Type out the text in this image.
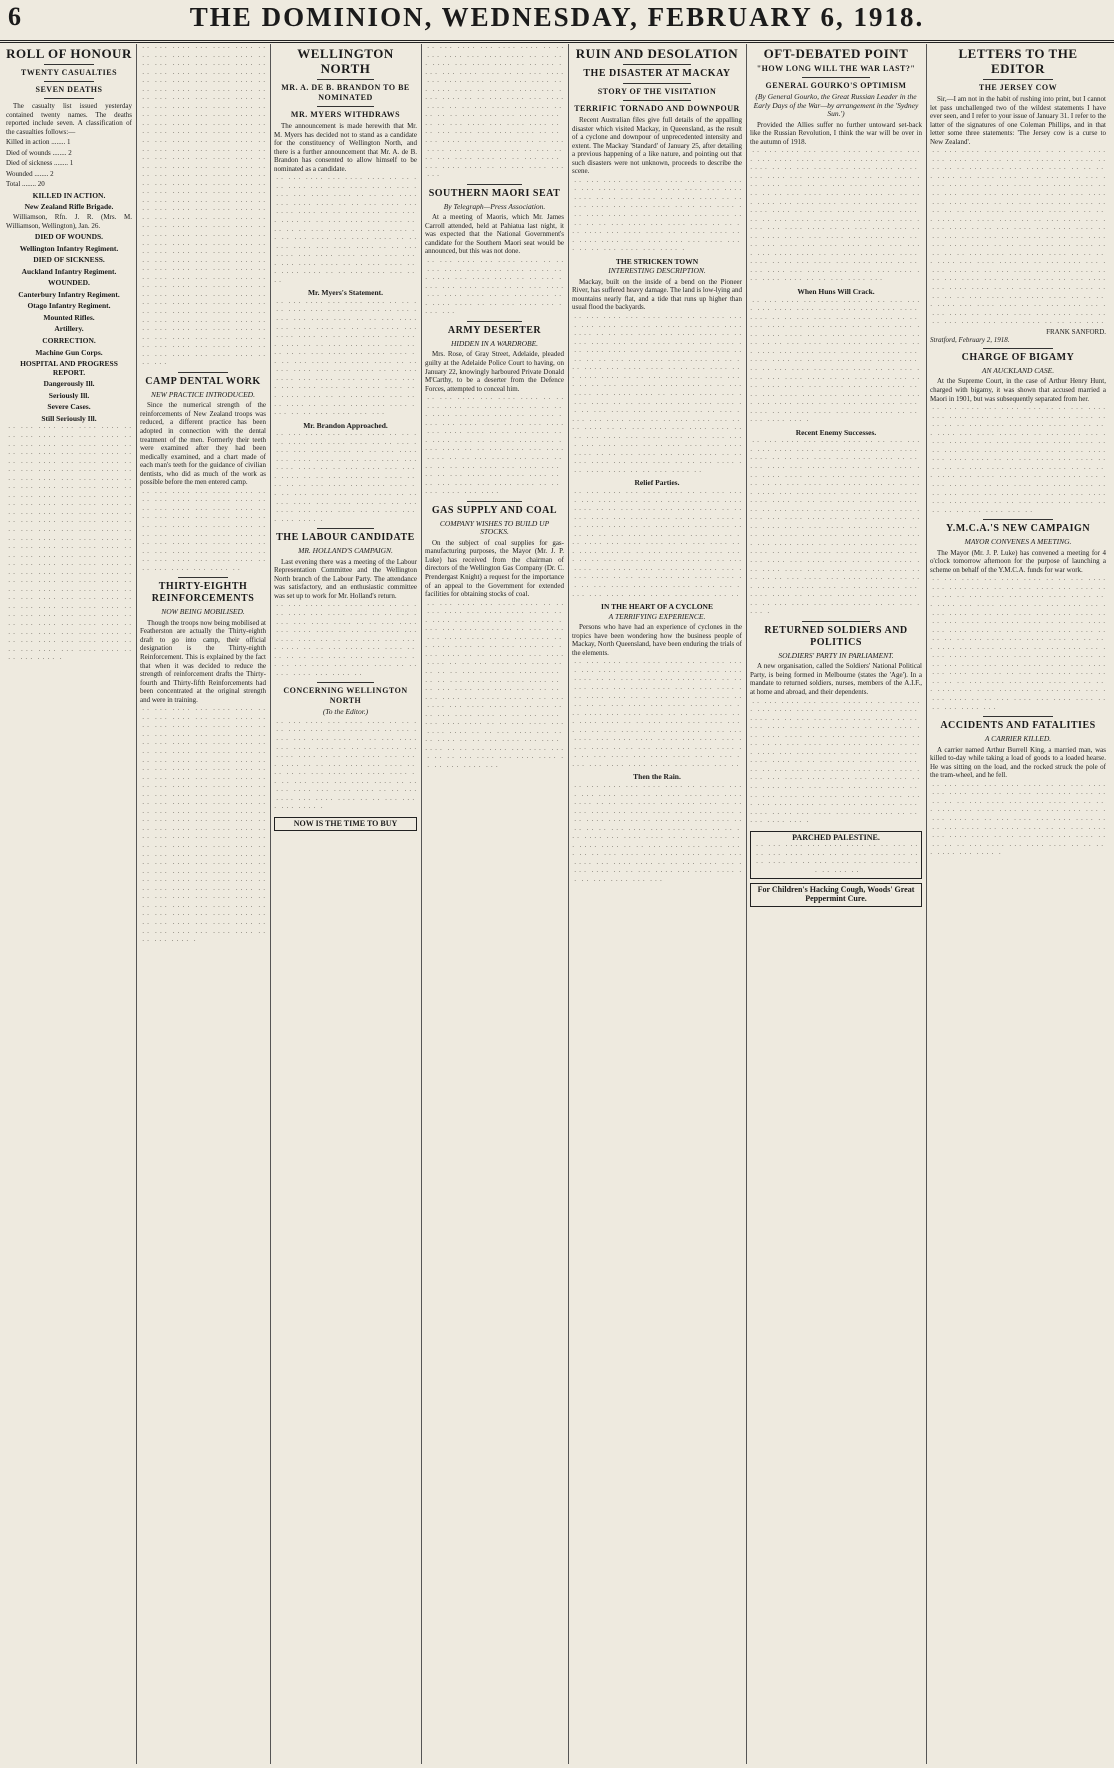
6	THE DOMINION, WEDNESDAY, FEBRUARY 6, 1918.
ROLL OF HONOUR
TWENTY CASUALTIES
SEVEN DEATHS

The casualty list issued yesterday contained twenty names. The deaths reported include seven. A classification of the casualties follows:—

Killed in action ........ 1

Died of wounds ........ 2

Died of sickness ........ 1

Wounded ........ 2

Total ........ 20

KILLED IN ACTION.
New Zealand Rifle Brigade.

Williamson, Rfn. J. R. (Mrs. M. Williamson, Wellington), Jan. 26.

DIED OF WOUNDS.
Wellington Infantry Regiment.
DIED OF SICKNESS.
Auckland Infantry Regiment.
WOUNDED.
Canterbury Infantry Regiment.
Otago Infantry Regiment.
Mounted Rifles.
Artillery.
CORRECTION.
Machine Gun Corps.
HOSPITAL AND PROGRESS REPORT.
Dangerously Ill.
Seriously Ill.
Severe Cases.
Still Seriously Ill.
 · ·  · · ·  · · · ·  · · ·  · · · ·  · · · ·  · ·  · ·  · · ·  · · · ·  · · ·  · · · ·  · · · ·  · ·  · ·  · · ·  · · · ·  · · ·  · · · ·  · · · ·  · ·  · ·  · · ·  · · · ·  · · ·  · · · ·  · · · ·  · ·  · ·  · · ·  · · · ·  · · ·  · · · ·  · · · ·  · ·  · ·  · · ·  · · · ·  · · ·  · · · ·  · · · ·  · ·  · ·  · · ·  · · · ·  · · ·  · · · ·  · · · ·  · ·  · ·  · · ·  · · · ·  · · ·  · · · ·  · · · ·  · ·  · ·  · · ·  · · · ·  · · ·  · · · ·  · · · ·  · ·  · ·  · · ·  · · · ·  · · ·  · · · ·  · · · ·  · ·  · ·  · · ·  · · · ·  · · ·  · · · ·  · · · ·  · ·  · ·  · · ·  · · · ·  · · ·  · · · ·  · · · ·  · ·  · ·  · · ·  · · · ·  · · ·  · · · ·  · · · ·  · ·  · ·  · · ·  · · · ·  · · ·  · · · ·  · · · ·  · ·  · ·  · · ·  · · · ·  · · ·  · · · ·  · · · ·  · ·  · ·  · · ·  · · · ·  · · ·  · · · ·  · · · ·  · ·  · ·  · · ·  · · · ·  · · ·  · · · ·  · · · ·  · ·  · ·  · · ·  · · · ·  · · ·  · · · ·  · · · ·  · ·  · ·  · · ·  · · · ·  · · ·  · · · ·  · · · ·  · ·  · ·  · · ·  · · · ·  · · ·  · · · ·  · · · ·  · ·  · ·  · · ·  · · · ·  · · ·  · · · ·  · · · ·  · ·  · ·  · · ·  · · · ·  · · ·  · · · ·  · · · ·  · ·  · ·  · · ·  · · · ·  · · ·  · · · ·  · · · ·  · ·  · ·  · · ·  · · · ·  · · ·  · · · ·  · · · ·  · ·  · ·  · · ·  · · · ·  · · ·  · · · ·  · · · ·  · ·  · ·  · · ·  · · · ·  · · ·  · · · ·  · · · ·  · ·  · ·  · · ·  · · · ·  · · ·  · · · ·  · · · ·  · ·  · ·  · · ·  · · · ·  ·
 · ·  · · ·  · · · ·  · · ·  · · · ·  · · · ·  · ·  · ·  · · ·  · · · ·  · · ·  · · · ·  · · · ·  · ·  · ·  · · ·  · · · ·  · · ·  · · · ·  · · · ·  · ·  · ·  · · ·  · · · ·  · · ·  · · · ·  · · · ·  · ·  · ·  · · ·  · · · ·  · · ·  · · · ·  · · · ·  · ·  · ·  · · ·  · · · ·  · · ·  · · · ·  · · · ·  · ·  · ·  · · ·  · · · ·  · · ·  · · · ·  · · · ·  · ·  · ·  · · ·  · · · ·  · · ·  · · · ·  · · · ·  · ·  · ·  · · ·  · · · ·  · · ·  · · · ·  · · · ·  · ·  · ·  · · ·  · · · ·  · · ·  · · · ·  · · · ·  · ·  · ·  · · ·  · · · ·  · · ·  · · · ·  · · · ·  · ·  · ·  · · ·  · · · ·  · · ·  · · · ·  · · · ·  · ·  · ·  · · ·  · · · ·  · · ·  · · · ·  · · · ·  · ·  · ·  · · ·  · · · ·  · · ·  · · · ·  · · · ·  · ·  · ·  · · ·  · · · ·  · · ·  · · · ·  · · · ·  · ·  · ·  · · ·  · · · ·  · · ·  · · · ·  · · · ·  · ·  · ·  · · ·  · · · ·  · · ·  · · · ·  · · · ·  · ·  · ·  · · ·  · · · ·  · · ·  · · · ·  · · · ·  · ·  · ·  · · ·  · · · ·  · · ·  · · · ·  · · · ·  · ·  · ·  · · ·  · · · ·  · · ·  · · · ·  · · · ·  · ·  · ·  · · ·  · · · ·  · · ·  · · · ·  · · · ·  · ·  · ·  · · ·  · · · ·  · · ·  · · · ·  · · · ·  · ·  · ·  · · ·  · · · ·  · · ·  · · · ·  · · · ·  · ·  · ·  · · ·  · · · ·  · · ·  · · · ·  · · · ·  · ·  · ·  · · ·  · · · ·  · · ·  · · · ·  · · · ·  · ·  · ·  · · ·  · · · ·  · · ·  · · · ·  · · · ·  · ·  · ·  · · ·  · · · ·  · · ·  · · · ·  · · · ·  · ·  · ·  · · ·  · · · ·  · · ·  · · · ·  · · · ·  · ·  · ·  · · ·  · · · ·  · · ·  · · · ·  · · · ·  · ·  · ·  · · ·  · · · ·  · · ·  · · · ·  · · · ·  · ·  · ·  · · ·  · · · ·  · · ·  · · · ·  · · · ·  · ·  · ·  · · ·  · · · ·  · · ·  · · · ·  · · · ·  · ·  · ·  · · ·  · · · ·  · · ·  · · · ·  · · · ·  · ·  · ·  · · ·  · · · ·  · · ·  · · · ·  · · · ·  · ·  · ·  · · ·  · · · ·  · · ·  · · · ·  · · · ·  · ·  · ·  · · ·  · · · ·  · · ·  · · · ·  · · · ·  · ·  · ·  · · ·  · · · ·  · · ·  · · · ·  · · · ·  · ·  · ·  · · ·  
CAMP DENTAL WORK
NEW PRACTICE INTRODUCED.

Since the numerical strength of the reinforcements of New Zealand troops was reduced, a different practice has been adopted in connection with the dental treatment of the men. Formerly their teeth were examined after they had been medically examined, and a chart made of each man's teeth for the guidance of civilian dentists, who did as much of the work as possible before the men entered camp.

 · ·  · · ·  · · · ·  · · ·  · · · ·  · · · ·  · ·  · ·  · · ·  · · · ·  · · ·  · · · ·  · · · ·  · ·  · ·  · · ·  · · · ·  · · ·  · · · ·  · · · ·  · ·  · ·  · · ·  · · · ·  · · ·  · · · ·  · · · ·  · ·  · ·  · · ·  · · · ·  · · ·  · · · ·  · · · ·  · ·  · ·  · · ·  · · · ·  · · ·  · · · ·  · · · ·  · ·  · ·  · · ·  · · · ·  · · ·  · · · ·  · · · ·  · ·  · ·  · · ·  · · · ·  · · ·  · · · ·  · · · ·  · ·  · ·  · · ·  · · · ·  · · ·  · · · ·  · · · ·  · ·  · ·  · · ·  · · · ·  · · ·  · · · ·  · ·
THIRTY-EIGHTH REINFORCEMENTS
NOW BEING MOBILISED.

Though the troops now being mobilised at Featherston are actually the Thirty-eighth draft to go into camp, their official designation is the Thirty-eighth Reinforcement. This is explained by the fact that when it was decided to reduce the strength of reinforcement drafts the Thirty-fourth and Thirty-fifth Reinforcements had been concentrated at the original strength and were in training.

 · ·  · · ·  · · · ·  · · ·  · · · ·  · · · ·  · ·  · ·  · · ·  · · · ·  · · ·  · · · ·  · · · ·  · ·  · ·  · · ·  · · · ·  · · ·  · · · ·  · · · ·  · ·  · ·  · · ·  · · · ·  · · ·  · · · ·  · · · ·  · ·  · ·  · · ·  · · · ·  · · ·  · · · ·  · · · ·  · ·  · ·  · · ·  · · · ·  · · ·  · · · ·  · · · ·  · ·  · ·  · · ·  · · · ·  · · ·  · · · ·  · · · ·  · ·  · ·  · · ·  · · · ·  · · ·  · · · ·  · · · ·  · ·  · ·  · · ·  · · · ·  · · ·  · · · ·  · · · ·  · ·  · ·  · · ·  · · · ·  · · ·  · · · ·  · · · ·  · ·  · ·  · · ·  · · · ·  · · ·  · · · ·  · · · ·  · ·  · ·  · · ·  · · · ·  · · ·  · · · ·  · · · ·  · ·  · ·  · · ·  · · · ·  · · ·  · · · ·  · · · ·  · ·  · ·  · · ·  · · · ·  · · ·  · · · ·  · · · ·  · ·  · ·  · · ·  · · · ·  · · ·  · · · ·  · · · ·  · ·  · ·  · · ·  · · · ·  · · ·  · · · ·  · · · ·  · ·  · ·  · · ·  · · · ·  · · ·  · · · ·  · · · ·  · ·  · ·  · · ·  · · · ·  · · ·  · · · ·  · · · ·  · ·  · ·  · · ·  · · · ·  · · ·  · · · ·  · · · ·  · ·  · ·  · · ·  · · · ·  · · ·  · · · ·  · · · ·  · ·  · ·  · · ·  · · · ·  · · ·  · · · ·  · · · ·  · ·  · ·  · · ·  · · · ·  · · ·  · · · ·  · · · ·  · ·  · ·  · · ·  · · · ·  · · ·  · · · ·  · · · ·  · ·  · ·  · · ·  · · · ·  · · ·  · · · ·  · · · ·  · ·  · ·  · · ·  · · · ·  · · ·  · · · ·  · · · ·  · ·  · ·  · · ·  · · · ·  · · ·  · · · ·  · · · ·  · ·  · ·  · · ·  · · · ·  · · ·  · · · ·  · · · ·  · ·  · ·  · · ·  · · · ·  ·
WELLINGTON NORTH
MR. A. DE B. BRANDON TO BE NOMINATED
MR. MYERS WITHDRAWS

The announcement is made herewith that Mr. M. Myers has decided not to stand as a candidate for the constituency of Wellington North, and there is a further announcement that Mr. A. de B. Brandon has consented to allow himself to be nominated as a candidate.

 · ·  · · ·  · · · ·  · · ·  · · · ·  · · · ·  · ·  · ·  · · ·  · · · ·  · · ·  · · · ·  · · · ·  · ·  · ·  · · ·  · · · ·  · · ·  · · · ·  · · · ·  · ·  · ·  · · ·  · · · ·  · · ·  · · · ·  · · · ·  · ·  · ·  · · ·  · · · ·  · · ·  · · · ·  · · · ·  · ·  · ·  · · ·  · · · ·  · · ·  · · · ·  · · · ·  · ·  · ·  · · ·  · · · ·  · · ·  · · · ·  · · · ·  · ·  · ·  · · ·  · · · ·  · · ·  · · · ·  · · · ·  · ·  · ·  · · ·  · · · ·  · · ·  · · · ·  · · · ·  · ·  · ·  · · ·  · · · ·  · · ·  · · · ·  · · · ·  · ·  · ·  · · ·  · · · ·  · · ·  · · · ·  · · · ·  · ·  · ·  · · ·  · · · ·  · · ·  · · · ·  · · · ·  · ·  · ·  · · ·  · · · ·  · · ·  · · · ·  · · · ·  · ·  · ·  · · ·  · · · ·  · · ·  · · · ·
Mr. Myers's Statement.
 · ·  · · ·  · · · ·  · · ·  · · · ·  · · · ·  · ·  · ·  · · ·  · · · ·  · · ·  · · · ·  · · · ·  · ·  · ·  · · ·  · · · ·  · · ·  · · · ·  · · · ·  · ·  · ·  · · ·  · · · ·  · · ·  · · · ·  · · · ·  · ·  · ·  · · ·  · · · ·  · · ·  · · · ·  · · · ·  · ·  · ·  · · ·  · · · ·  · · ·  · · · ·  · · · ·  · ·  · ·  · · ·  · · · ·  · · ·  · · · ·  · · · ·  · ·  · ·  · · ·  · · · ·  · · ·  · · · ·  · · · ·  · ·  · ·  · · ·  · · · ·  · · ·  · · · ·  · · · ·  · ·  · ·  · · ·  · · · ·  · · ·  · · · ·  · · · ·  · ·  · ·  · · ·  · · · ·  · · ·  · · · ·  · · · ·  · ·  · ·  · · ·  · · · ·  · · ·  · · · ·  · · · ·  · ·  · ·  · · ·  · · · ·  · · ·  · · · ·  · · · ·  · ·  · ·  · · ·  · · · ·  · · ·  · · · ·  · · · ·  · ·  · ·  · · ·  · · · ·  · · ·  · · · ·  · · · ·  · ·  · ·  · · ·  · · · ·  · · ·  · · · 
Mr. Brandon Approached.
 · ·  · · ·  · · · ·  · · ·  · · · ·  · · · ·  · ·  · ·  · · ·  · · · ·  · · ·  · · · ·  · · · ·  · ·  · ·  · · ·  · · · ·  · · ·  · · · ·  · · · ·  · ·  · ·  · · ·  · · · ·  · · ·  · · · ·  · · · ·  · ·  · ·  · · ·  · · · ·  · · ·  · · · ·  · · · ·  · ·  · ·  · · ·  · · · ·  · · ·  · · · ·  · · · ·  · ·  · ·  · · ·  · · · ·  · · ·  · · · ·  · · · ·  · ·  · ·  · · ·  · · · ·  · · ·  · · · ·  · · · ·  · ·  · ·  · · ·  · · · ·  · · ·  · · · ·  · · · ·  · ·  · ·  · · ·  · · · ·  · · ·  · · · ·  · · · ·  · ·  · ·  · · ·  · · · ·  · · ·  · · · ·  · · · ·  · ·  · ·  · · ·  · · · ·  · · ·  · · · ·  ·
THE LABOUR CANDIDATE
MR. HOLLAND'S CAMPAIGN.

Last evening there was a meeting of the Labour Representation Committee and the Wellington North branch of the Labour Party. The attendance was satisfactory, and an enthusiastic committee was set up to work for Mr. Holland's return.

 · ·  · · ·  · · · ·  · · ·  · · · ·  · · · ·  · ·  · ·  · · ·  · · · ·  · · ·  · · · ·  · · · ·  · ·  · ·  · · ·  · · · ·  · · ·  · · · ·  · · · ·  · ·  · ·  · · ·  · · · ·  · · ·  · · · ·  · · · ·  · ·  · ·  · · ·  · · · ·  · · ·  · · · ·  · · · ·  · ·  · ·  · · ·  · · · ·  · · ·  · · · ·  · · · ·  · ·  · ·  · · ·  · · · ·  · · ·  · · · ·  · · · ·  · ·  · ·  · · ·  · · · ·  · · ·  · · · ·  · · · ·  · ·  · ·  · · ·  · · · ·  · · ·  · · · ·  · · · ·  · ·  · ·  · · ·  · · · ·  · · ·  · · · ·  · ·
CONCERNING WELLINGTON NORTH
(To the Editor.)
 · ·  · · ·  · · · ·  · · ·  · · · ·  · · · ·  · ·  · ·  · · ·  · · · ·  · · ·  · · · ·  · · · ·  · ·  · ·  · · ·  · · · ·  · · ·  · · · ·  · · · ·  · ·  · ·  · · ·  · · · ·  · · ·  · · · ·  · · · ·  · ·  · ·  · · ·  · · · ·  · · ·  · · · ·  · · · ·  · ·  · ·  · · ·  · · · ·  · · ·  · · · ·  · · · ·  · ·  · ·  · · ·  · · · ·  · · ·  · · · ·  · · · ·  · ·  · ·  · · ·  · · · ·  · · ·  · · · ·  · · · ·  · ·  · ·  · · ·  · · · ·  · · ·  · · · ·  · · · ·  · ·  · ·  · · ·  · · · ·  · · ·  · · · ·  · · · ·  · ·  · ·  · · ·  · · · ·  · · ·  · · · ·  · · · ·  · ·  · ·  · · ·  · · · ·  · · ·  · · · ·  ·
NOW IS THE TIME TO BUY
 · ·  · · ·  · · · ·  · · ·  · · · ·  · · · ·  · ·  · ·  · · ·  · · · ·  · · ·  · · · ·  · · · ·  · ·  · ·  · · ·  · · · ·  · · ·  · · · ·  · · · ·  · ·  · ·  · · ·  · · · ·  · · ·  · · · ·  · · · ·  · ·  · ·  · · ·  · · · ·  · · ·  · · · ·  · · · ·  · ·  · ·  · · ·  · · · ·  · · ·  · · · ·  · · · ·  · ·  · ·  · · ·  · · · ·  · · ·  · · · ·  · · · ·  · ·  · ·  · · ·  · · · ·  · · ·  · · · ·  · · · ·  · ·  · ·  · · ·  · · · ·  · · ·  · · · ·  · · · ·  · ·  · ·  · · ·  · · · ·  · · ·  · · · ·  · · · ·  · ·  · ·  · · ·  · · · ·  · · ·  · · · ·  · · · ·  · ·  · ·  · · ·  · · · ·  · · ·  · · · ·  · · · ·  · ·  · ·  · · ·  · · · ·  · · ·  · · · ·  · · · ·  · ·  · ·  · · ·  · · · ·  · · ·  · · · ·  · · · ·  · ·  · ·  · · ·  · · · ·  · · ·  · · · ·  · · · ·  · ·  · ·  · · ·  · · · ·  · · ·  · · · ·  · · · ·  · ·  · ·  · · ·  · · · ·  · · ·  · · ·
SOUTHERN MAORI SEAT
By Telegraph—Press Association.

At a meeting of Maoris, which Mr. James Carroll attended, held at Pahiatua last night, it was expected that the National Government's candidate for the Southern Maori seat would be announced, but this was not done.

 · ·  · · ·  · · · ·  · · ·  · · · ·  · · · ·  · ·  · ·  · · ·  · · · ·  · · ·  · · · ·  · · · ·  · ·  · ·  · · ·  · · · ·  · · ·  · · · ·  · · · ·  · ·  · ·  · · ·  · · · ·  · · ·  · · · ·  · · · ·  · ·  · ·  · · ·  · · · ·  · · ·  · · · ·  · · · ·  · ·  · ·  · · ·  · · · ·  · · ·  · · · ·  · · · ·  · ·  · ·  · · ·  · · · ·  · · ·  · · · ·  · · · 
ARMY DESERTER
HIDDEN IN A WARDROBE.

Mrs. Rose, of Gray Street, Adelaide, pleaded guilty at the Adelaide Police Court to having, on January 22, knowingly harboured Private Donald M'Carthy, to be a deserter from the Defence Forces, attempted to conceal him.

 · ·  · · ·  · · · ·  · · ·  · · · ·  · · · ·  · ·  · ·  · · ·  · · · ·  · · ·  · · · ·  · · · ·  · ·  · ·  · · ·  · · · ·  · · ·  · · · ·  · · · ·  · ·  · ·  · · ·  · · · ·  · · ·  · · · ·  · · · ·  · ·  · ·  · · ·  · · · ·  · · ·  · · · ·  · · · ·  · ·  · ·  · · ·  · · · ·  · · ·  · · · ·  · · · ·  · ·  · ·  · · ·  · · · ·  · · ·  · · · ·  · · · ·  · ·  · ·  · · ·  · · · ·  · · ·  · · · ·  · · · ·  · ·  · ·  · · ·  · · · ·  · · ·  · · · ·  · · · ·  · ·  · ·  · · ·  · · · ·  · · ·  · · · ·  · · · ·  · ·  · ·  · · ·  · · · ·  · · ·  · · · ·  · · · ·  · ·  · ·  · · ·  · · · ·  · · ·  · · · ·  · · · ·  · ·  · ·  · · ·  · · · ·  · · ·  · · · ·  
GAS SUPPLY AND COAL
COMPANY WISHES TO BUILD UP STOCKS.

On the subject of coal supplies for gas-manufacturing purposes, the Mayor (Mr. J. P. Luke) has received from the chairman of directors of the Wellington Gas Company (Dr. C. Prendergast Knight) a request for the importance of an appeal to the Government for extended facilities for obtaining stocks of coal.

 · ·  · · ·  · · · ·  · · ·  · · · ·  · · · ·  · ·  · ·  · · ·  · · · ·  · · ·  · · · ·  · · · ·  · ·  · ·  · · ·  · · · ·  · · ·  · · · ·  · · · ·  · ·  · ·  · · ·  · · · ·  · · ·  · · · ·  · · · ·  · ·  · ·  · · ·  · · · ·  · · ·  · · · ·  · · · ·  · ·  · ·  · · ·  · · · ·  · · ·  · · · ·  · · · ·  · ·  · ·  · · ·  · · · ·  · · ·  · · · ·  · · · ·  · ·  · ·  · · ·  · · · ·  · · ·  · · · ·  · · · ·  · ·  · ·  · · ·  · · · ·  · · ·  · · · ·  · · · ·  · ·  · ·  · · ·  · · · ·  · · ·  · · · ·  · · · ·  · ·  · ·  · · ·  · · · ·  · · ·  · · · ·  · · · ·  · ·  · ·  · · ·  · · · ·  · · ·  · · · ·  · · · ·  · ·  · ·  · · ·  · · · ·  · · ·  · · · ·  · · · ·  · ·  · ·  · · ·  · · · ·  · · ·  · · · ·  · · · ·  · ·  · ·  · · ·  · · · ·  · · ·  · · · ·  · · · ·  · ·  · ·  · · ·  · · · ·  · · ·  · · · ·  · · · ·  · ·  · ·  · · ·  · · · ·  · · ·  · · · ·  · · · ·  · ·  · ·  · · ·  · · · ·  · · ·  · · · ·  · · · ·  · ·  · ·  · · ·  · · · ·  · · ·  · · · ·  · · · ·  · ·  · ·  · · ·  · · · ·  · · ·  · · · ·  · · · ·  · ·  · ·  · · ·  · · · ·  · · ·  · · · ·  · · · ·  · ·  · ·  · · ·  · · · ·  · · ·  
RUIN AND DESOLATION
THE DISASTER AT MACKAY
STORY OF THE VISITATION
TERRIFIC TORNADO AND DOWNPOUR

Recent Australian files give full details of the appalling disaster which visited Mackay, in Queensland, as the result of a cyclone and downpour of unprecedented intensity and extent. The Mackay 'Standard' of January 25, after detailing a previous happening of a like nature, and pointing out that such disasters were not unknown, proceeds to describe the scene.

 · ·  · · ·  · · · ·  · · ·  · · · ·  · · · ·  · ·  · ·  · · ·  · · · ·  · · ·  · · · ·  · · · ·  · ·  · ·  · · ·  · · · ·  · · ·  · · · ·  · · · ·  · ·  · ·  · · ·  · · · ·  · · ·  · · · ·  · · · ·  · ·  · ·  · · ·  · · · ·  · · ·  · · · ·  · · · ·  · ·  · ·  · · ·  · · · ·  · · ·  · · · ·  · · · ·  · ·  · ·  · · ·  · · · ·  · · ·  · · · ·  · · · ·  · ·  · ·  · · ·  · · · ·  · · ·  · · · ·  · · · ·  · ·  · ·  · · ·  · · · ·  · · ·  · · · ·  · · · ·  · ·  · ·  · · ·  · · · ·  · · ·  · · · ·  · · · ·  · ·  · ·  · · ·  · · · ·  · · ·  · · · ·  · · · ·  · ·  · ·  · · ·  · · · ·  · · ·  · · · ·  ·
THE STRICKEN TOWN
INTERESTING DESCRIPTION.

Mackay, built on the inside of a bend on the Pioneer River, has suffered heavy damage. The land is low-lying and mountains nearly flat, and a tide that runs up higher than usual flood the backyards.

 · ·  · · ·  · · · ·  · · ·  · · · ·  · · · ·  · ·  · ·  · · ·  · · · ·  · · ·  · · · ·  · · · ·  · ·  · ·  · · ·  · · · ·  · · ·  · · · ·  · · · ·  · ·  · ·  · · ·  · · · ·  · · ·  · · · ·  · · · ·  · ·  · ·  · · ·  · · · ·  · · ·  · · · ·  · · · ·  · ·  · ·  · · ·  · · · ·  · · ·  · · · ·  · · · ·  · ·  · ·  · · ·  · · · ·  · · ·  · · · ·  · · · ·  · ·  · ·  · · ·  · · · ·  · · ·  · · · ·  · · · ·  · ·  · ·  · · ·  · · · ·  · · ·  · · · ·  · · · ·  · ·  · ·  · · ·  · · · ·  · · ·  · · · ·  · · · ·  · ·  · ·  · · ·  · · · ·  · · ·  · · · ·  · · · ·  · ·  · ·  · · ·  · · · ·  · · ·  · · · ·  · · · ·  · ·  · ·  · · ·  · · · ·  · · ·  · · · ·  · · · ·  · ·  · ·  · · ·  · · · ·  · · ·  · · · ·  · · · ·  · ·  · ·  · · ·  · · · ·  · · ·  · · · ·  · · · ·  · ·  · ·  · · ·  · · · ·  · · ·  · · · ·  · · · ·  · ·  · ·  · · ·  · · · ·  · · ·  · · · ·  · · · ·  · ·  · ·  · · ·  · · · ·  · · ·  · · · ·  · · · ·  · ·  · ·  · · ·  · · · ·  · · ·  · · · ·  · · · ·  · ·  · ·  · · ·  · · · ·  · · ·  · · · ·  · · · ·  · ·  · ·  · · ·  · · · ·  · · ·  · · · ·  · · · ·  · ·  · ·  · · ·  · · · ·  · · ·  · · · ·  · · · ·  · ·  · ·  · · ·  · · · ·  · · ·  · · · ·  · · · ·  · ·  · ·  · · ·  · · · ·  · · ·  · · · ·  · · · ·  · ·  · ·  · · ·  · · · ·  · · ·  · · · ·  · · · ·  · ·  · ·  · · ·  · · · ·  · ·
Relief Parties.
 · ·  · · ·  · · · ·  · · ·  · · · ·  · · · ·  · ·  · ·  · · ·  · · · ·  · · ·  · · · ·  · · · ·  · ·  · ·  · · ·  · · · ·  · · ·  · · · ·  · · · ·  · ·  · ·  · · ·  · · · ·  · · ·  · · · ·  · · · ·  · ·  · ·  · · ·  · · · ·  · · ·  · · · ·  · · · ·  · ·  · ·  · · ·  · · · ·  · · ·  · · · ·  · · · ·  · ·  · ·  · · ·  · · · ·  · · ·  · · · ·  · · · ·  · ·  · ·  · · ·  · · · ·  · · ·  · · · ·  · · · ·  · ·  · ·  · · ·  · · · ·  · · ·  · · · ·  · · · ·  · ·  · ·  · · ·  · · · ·  · · ·  · · · ·  · · · ·  · ·  · ·  · · ·  · · · ·  · · ·  · · · ·  · · · ·  · ·  · ·  · · ·  · · · ·  · · ·  · · · ·  · · · ·  · ·  · ·  · · ·  · · · ·  · · ·  · · · ·  · · · ·  · ·  · ·  · · ·  · · · ·  · · ·  · · · ·  · · · ·  · ·  · ·  · · ·  · · · ·  · · ·  · · · ·  · · · ·  · ·  · ·  · · ·  · · · ·  · · ·  · · · ·  · · · ·  · ·  · ·  · · ·  · · · ·  · · ·  · · · ·  · · · ·  · ·  · ·  · · ·  · · · ·  · · ·  · · 
IN THE HEART OF A CYCLONE
A TERRIFYING EXPERIENCE.

Persons who have had an experience of cyclones in the tropics have been wondering how the business people of Mackay, North Queensland, have been enduring the trials of the elements.

 · ·  · · ·  · · · ·  · · ·  · · · ·  · · · ·  · ·  · ·  · · ·  · · · ·  · · ·  · · · ·  · · · ·  · ·  · ·  · · ·  · · · ·  · · ·  · · · ·  · · · ·  · ·  · ·  · · ·  · · · ·  · · ·  · · · ·  · · · ·  · ·  · ·  · · ·  · · · ·  · · ·  · · · ·  · · · ·  · ·  · ·  · · ·  · · · ·  · · ·  · · · ·  · · · ·  · ·  · ·  · · ·  · · · ·  · · ·  · · · ·  · · · ·  · ·  · ·  · · ·  · · · ·  · · ·  · · · ·  · · · ·  · ·  · ·  · · ·  · · · ·  · · ·  · · · ·  · · · ·  · ·  · ·  · · ·  · · · ·  · · ·  · · · ·  · · · ·  · ·  · ·  · · ·  · · · ·  · · ·  · · · ·  · · · ·  · ·  · ·  · · ·  · · · ·  · · ·  · · · ·  · · · ·  · ·  · ·  · · ·  · · · ·  · · ·  · · · ·  · · · ·  · ·  · ·  · · ·  · · · ·  · · ·  · · · ·  · · · ·  · ·  · ·  · · ·  · · · ·  · · ·  · · · ·  · · · ·  · ·  · ·  · · ·  · · · ·  · · ·  · · · ·  · · · ·  · ·  · ·  · · ·  · · · ·  · · ·  · · · ·  · · · ·  · ·  · ·  · · ·  · · · ·  · · ·  · · 
Then the Rain.
 · ·  · · ·  · · · ·  · · ·  · · · ·  · · · ·  · ·  · ·  · · ·  · · · ·  · · ·  · · · ·  · · · ·  · ·  · ·  · · ·  · · · ·  · · ·  · · · ·  · · · ·  · ·  · ·  · · ·  · · · ·  · · ·  · · · ·  · · · ·  · ·  · ·  · · ·  · · · ·  · · ·  · · · ·  · · · ·  · ·  · ·  · · ·  · · · ·  · · ·  · · · ·  · · · ·  · ·  · ·  · · ·  · · · ·  · · ·  · · · ·  · · · ·  · ·  · ·  · · ·  · · · ·  · · ·  · · · ·  · · · ·  · ·  · ·  · · ·  · · · ·  · · ·  · · · ·  · · · ·  · ·  · ·  · · ·  · · · ·  · · ·  · · · ·  · · · ·  · ·  · ·  · · ·  · · · ·  · · ·  · · · ·  · · · ·  · ·  · ·  · · ·  · · · ·  · · ·  · · · ·  · · · ·  · ·  · ·  · · ·  · · · ·  · · ·  · · · ·  · · · ·  · ·  · ·  · · ·  · · · ·  · · ·  · · · ·  · · · ·  · ·  · ·  · · ·  · · · ·  · · ·  · · · ·  · · · ·  · ·  · ·  · · ·  · · · ·  · · ·  · · · 
OFT-DEBATED POINT
"HOW LONG WILL THE WAR LAST?"
GENERAL GOURKO'S OPTIMISM
(By General Gourko, the Great Russian Leader in the Early Days of the War—by arrangement in the 'Sydney Sun.')

Provided the Allies suffer no further untoward set-back like the Russian Revolution, I think the war will be over in the autumn of 1918.

 · ·  · · ·  · · · ·  · · ·  · · · ·  · · · ·  · ·  · ·  · · ·  · · · ·  · · ·  · · · ·  · · · ·  · ·  · ·  · · ·  · · · ·  · · ·  · · · ·  · · · ·  · ·  · ·  · · ·  · · · ·  · · ·  · · · ·  · · · ·  · ·  · ·  · · ·  · · · ·  · · ·  · · · ·  · · · ·  · ·  · ·  · · ·  · · · ·  · · ·  · · · ·  · · · ·  · ·  · ·  · · ·  · · · ·  · · ·  · · · ·  · · · ·  · ·  · ·  · · ·  · · · ·  · · ·  · · · ·  · · · ·  · ·  · ·  · · ·  · · · ·  · · ·  · · · ·  · · · ·  · ·  · ·  · · ·  · · · ·  · · ·  · · · ·  · · · ·  · ·  · ·  · · ·  · · · ·  · · ·  · · · ·  · · · ·  · ·  · ·  · · ·  · · · ·  · · ·  · · · ·  · · · ·  · ·  · ·  · · ·  · · · ·  · · ·  · · · ·  · · · ·  · ·  · ·  · · ·  · · · ·  · · ·  · · · ·  · · · ·  · ·  · ·  · · ·  · · · ·  · · ·  · · · ·  · · · ·  · ·  · ·  · · ·  · · · ·  · · ·  · · · ·  · · · ·  · ·  · ·  · · ·  · · · ·  · · ·  · · · ·  · · · ·  · ·  · ·  · · ·  · · · ·  · · ·  · · · ·  · · · ·  · ·  · ·  · · ·  · · · ·  · · ·  · · · ·  · · · ·  · ·  · ·  · · ·  · · · ·  · · ·  · · · ·  · · · ·  · ·  · ·  · · ·  · · · ·  · · ·  · · · ·  · · · ·  · ·  · ·  · · ·  · · · ·  · · ·  
When Huns Will Crack.
 · ·  · · ·  · · · ·  · · ·  · · · ·  · · · ·  · ·  · ·  · · ·  · · · ·  · · ·  · · · ·  · · · ·  · ·  · ·  · · ·  · · · ·  · · ·  · · · ·  · · · ·  · ·  · ·  · · ·  · · · ·  · · ·  · · · ·  · · · ·  · ·  · ·  · · ·  · · · ·  · · ·  · · · ·  · · · ·  · ·  · ·  · · ·  · · · ·  · · ·  · · · ·  · · · ·  · ·  · ·  · · ·  · · · ·  · · ·  · · · ·  · · · ·  · ·  · ·  · · ·  · · · ·  · · ·  · · · ·  · · · ·  · ·  · ·  · · ·  · · · ·  · · ·  · · · ·  · · · ·  · ·  · ·  · · ·  · · · ·  · · ·  · · · ·  · · · ·  · ·  · ·  · · ·  · · · ·  · · ·  · · · ·  · · · ·  · ·  · ·  · · ·  · · · ·  · · ·  · · · ·  · · · ·  · ·  · ·  · · ·  · · · ·  · · ·  · · · ·  · · · ·  · ·  · ·  · · ·  · · · ·  · · ·  · · · ·  · · · ·  · ·  · ·  · · ·  · · · ·  · · ·  · · · ·  · · · ·  · ·  · ·  · · ·  · · · ·  · · ·  · · · ·  · · · ·  · ·  · ·  · · ·  · · · ·  · · ·  · · · ·  · · · ·  · ·  · ·  · · ·  · · · ·  · · ·  · · · ·  · · · ·  · ·  · ·  · · ·  · · · ·  · · ·  · · · ·  · · · ·  · ·  · ·  · · ·  · · · ·  · · ·  · 
Recent Enemy Successes.
 · ·  · · ·  · · · ·  · · ·  · · · ·  · · · ·  · ·  · ·  · · ·  · · · ·  · · ·  · · · ·  · · · ·  · ·  · ·  · · ·  · · · ·  · · ·  · · · ·  · · · ·  · ·  · ·  · · ·  · · · ·  · · ·  · · · ·  · · · ·  · ·  · ·  · · ·  · · · ·  · · ·  · · · ·  · · · ·  · ·  · ·  · · ·  · · · ·  · · ·  · · · ·  · · · ·  · ·  · ·  · · ·  · · · ·  · · ·  · · · ·  · · · ·  · ·  · ·  · · ·  · · · ·  · · ·  · · · ·  · · · ·  · ·  · ·  · · ·  · · · ·  · · ·  · · · ·  · · · ·  · ·  · ·  · · ·  · · · ·  · · ·  · · · ·  · · · ·  · ·  · ·  · · ·  · · · ·  · · ·  · · · ·  · · · ·  · ·  · ·  · · ·  · · · ·  · · ·  · · · ·  · · · ·  · ·  · ·  · · ·  · · · ·  · · ·  · · · ·  · · · ·  · ·  · ·  · · ·  · · · ·  · · ·  · · · ·  · · · ·  · ·  · ·  · · ·  · · · ·  · · ·  · · · ·  · · · ·  · ·  · ·  · · ·  · · · ·  · · ·  · · · ·  · · · ·  · ·  · ·  · · ·  · · · ·  · · ·  · · · ·  · · · ·  · ·  · ·  · · ·  · · · ·  · · ·  · · · ·  · · · ·  · ·  · ·  · · ·  · · · ·  · · ·  · · · ·  · · · ·  · ·  · ·  · · ·  · · · ·  · · ·  · · · ·  · · · ·  · ·  · ·  · · ·  · · · ·  · · ·  · · · ·  · · · ·  · ·  · ·  · · ·  · · · ·  · · ·  · · · ·  · · · ·  · ·  · ·  · · ·  · · · ·  · · ·  · · · ·  · · · ·  · ·  · ·  · · ·  · · · ·  · · ·  · · · ·  · · · ·  · ·  · ·  · · ·  · · · ·  · · ·  · · · ·  · · · ·  · ·  · ·  · · ·  · · · ·  · · ·  · · · ·  · · · ·  · ·  · ·  · · ·  · · · ·  · · ·  · · · ·  · · · ·  · ·  · ·  · · ·  · · · ·  ·
RETURNED SOLDIERS AND POLITICS
SOLDIERS' PARTY IN PARLIAMENT.

A new organisation, called the Soldiers' National Political Party, is being formed in Melbourne (states the 'Age'). In a mandate to returned soldiers, nurses, members of the A.I.F., at home and abroad, and their dependents.

 · ·  · · ·  · · · ·  · · ·  · · · ·  · · · ·  · ·  · ·  · · ·  · · · ·  · · ·  · · · ·  · · · ·  · ·  · ·  · · ·  · · · ·  · · ·  · · · ·  · · · ·  · ·  · ·  · · ·  · · · ·  · · ·  · · · ·  · · · ·  · ·  · ·  · · ·  · · · ·  · · ·  · · · ·  · · · ·  · ·  · ·  · · ·  · · · ·  · · ·  · · · ·  · · · ·  · ·  · ·  · · ·  · · · ·  · · ·  · · · ·  · · · ·  · ·  · ·  · · ·  · · · ·  · · ·  · · · ·  · · · ·  · ·  · ·  · · ·  · · · ·  · · ·  · · · ·  · · · ·  · ·  · ·  · · ·  · · · ·  · · ·  · · · ·  · · · ·  · ·  · ·  · · ·  · · · ·  · · ·  · · · ·  · · · ·  · ·  · ·  · · ·  · · · ·  · · ·  · · · ·  · · · ·  · ·  · ·  · · ·  · · · ·  · · ·  · · · ·  · · · ·  · ·  · ·  · · ·  · · · ·  · · ·  · · · ·  · · · ·  · ·  · ·  · · ·  · · · ·  · · ·  · · · ·  · · · ·  · ·  · ·  · · ·  · · · ·  · · ·  · · · ·  · · · ·  · ·  · ·  · · ·  · · · ·  · · ·  · · · ·  · · · ·  · ·  · ·  · · ·  · · · ·  · · ·  · · · ·  · · · ·  · ·  · ·  · · ·  · · · ·  · · ·  · · · ·  · · · ·  · ·  · ·  · · ·  · · · ·  · · ·  · 
PARCHED PALESTINE.
 · ·  · · ·  · · · ·  · · ·  · · · ·  · · · ·  · ·  · ·  · · ·  · · · ·  · · ·  · · · ·  · · · ·  · ·  · ·  · · ·  · · · ·  · · ·  · · · ·  · · · ·  · ·  · ·  · · ·  · · · ·  · · ·  · · · ·  · · · ·  · ·  · ·  · · ·  · ·
For Children's Hacking Cough, Woods' Great Peppermint Cure.
LETTERS TO THE EDITOR
THE JERSEY COW

Sir,—I am not in the habit of rushing into print, but I cannot let pass unchallenged two of the wildest statements I have ever seen, and I refer to your issue of January 31. I refer to the latter of the signatures of one Coleman Phillips, and in that letter some three statements: 'The Jersey cow is a curse to New Zealand'.

 · ·  · · ·  · · · ·  · · ·  · · · ·  · · · ·  · ·  · ·  · · ·  · · · ·  · · ·  · · · ·  · · · ·  · ·  · ·  · · ·  · · · ·  · · ·  · · · ·  · · · ·  · ·  · ·  · · ·  · · · ·  · · ·  · · · ·  · · · ·  · ·  · ·  · · ·  · · · ·  · · ·  · · · ·  · · · ·  · ·  · ·  · · ·  · · · ·  · · ·  · · · ·  · · · ·  · ·  · ·  · · ·  · · · ·  · · ·  · · · ·  · · · ·  · ·  · ·  · · ·  · · · ·  · · ·  · · · ·  · · · ·  · ·  · ·  · · ·  · · · ·  · · ·  · · · ·  · · · ·  · ·  · ·  · · ·  · · · ·  · · ·  · · · ·  · · · ·  · ·  · ·  · · ·  · · · ·  · · ·  · · · ·  · · · ·  · ·  · ·  · · ·  · · · ·  · · ·  · · · ·  · · · ·  · ·  · ·  · · ·  · · · ·  · · ·  · · · ·  · · · ·  · ·  · ·  · · ·  · · · ·  · · ·  · · · ·  · · · ·  · ·  · ·  · · ·  · · · ·  · · ·  · · · ·  · · · ·  · ·  · ·  · · ·  · · · ·  · · ·  · · · ·  · · · ·  · ·  · ·  · · ·  · · · ·  · · ·  · · · ·  · · · ·  · ·  · ·  · · ·  · · · ·  · · ·  · · · ·  · · · ·  · ·  · ·  · · ·  · · · ·  · · ·  · · · ·  · · · ·  · ·  · ·  · · ·  · · · ·  · · ·  · · · ·  · · · ·  · ·  · ·  · · ·  · · · ·  · · ·  · · · ·  · · · ·  · ·  · ·  · · ·  · · · ·  · · ·  · · · ·  · · · ·  · ·  · ·  · · ·  · · · ·  · · ·  · · · ·  · · · ·  · ·  · ·  · · ·  · · · ·  · · ·  · · · ·  · · · ·  · ·  · ·  · · ·  · · · ·  · · ·  · · · ·  · · · ·  · ·  · ·  · · ·  · · · ·  · · ·  · · · ·  · · · ·  · ·  · ·  · · ·  · · · ·  · · ·  · · · ·  · · · ·  · ·  · ·  · · ·  · · · ·  · · ·  · · · ·  · · · ·  · ·  · ·  · · ·  · · · ·  · · ·  · · · ·  · · · ·  · ·  · ·  · · ·  · · · ·
FRANK SANFORD.
Stratford, February 2, 1918.
CHARGE OF BIGAMY
AN AUCKLAND CASE.

At the Supreme Court, in the case of Arthur Henry Hunt, charged with bigamy, it was shown that accused married a Maori in 1901, but was subsequently separated from her.

 · ·  · · ·  · · · ·  · · ·  · · · ·  · · · ·  · ·  · ·  · · ·  · · · ·  · · ·  · · · ·  · · · ·  · ·  · ·  · · ·  · · · ·  · · ·  · · · ·  · · · ·  · ·  · ·  · · ·  · · · ·  · · ·  · · · ·  · · · ·  · ·  · ·  · · ·  · · · ·  · · ·  · · · ·  · · · ·  · ·  · ·  · · ·  · · · ·  · · ·  · · · ·  · · · ·  · ·  · ·  · · ·  · · · ·  · · ·  · · · ·  · · · ·  · ·  · ·  · · ·  · · · ·  · · ·  · · · ·  · · · ·  · ·  · ·  · · ·  · · · ·  · · ·  · · · ·  · · · ·  · ·  · ·  · · ·  · · · ·  · · ·  · · · ·  · · · ·  · ·  · ·  · · ·  · · · ·  · · ·  · · · ·  · · · ·  · ·  · ·  · · ·  · · · ·  · · ·  · · · ·  · · · ·  · ·  · ·  · · ·  · · · ·  · · ·  · · · ·  · · · ·  · ·  · ·  · · ·  · · · ·  · · ·  · · · ·  · · · ·  · ·  · ·  · · ·  · · · ·  · · ·  · · · ·  · · · ·  · ·  · ·  · · ·  · · · ·  · · ·  · · · ·  · · · ·  · ·  · ·  · · ·  · · · ·  · · ·  · · · ·  · · · ·  · ·  · ·  · · ·  · · · ·  · · ·  · · 
Y.M.C.A.'S NEW CAMPAIGN
MAYOR CONVENES A MEETING.

The Mayor (Mr. J. P. Luke) has convened a meeting for 4 o'clock tomorrow afternoon for the purpose of launching a scheme on behalf of the Y.M.C.A. funds for war work.

 · ·  · · ·  · · · ·  · · ·  · · · ·  · · · ·  · ·  · ·  · · ·  · · · ·  · · ·  · · · ·  · · · ·  · ·  · ·  · · ·  · · · ·  · · ·  · · · ·  · · · ·  · ·  · ·  · · ·  · · · ·  · · ·  · · · ·  · · · ·  · ·  · ·  · · ·  · · · ·  · · ·  · · · ·  · · · ·  · ·  · ·  · · ·  · · · ·  · · ·  · · · ·  · · · ·  · ·  · ·  · · ·  · · · ·  · · ·  · · · ·  · · · ·  · ·  · ·  · · ·  · · · ·  · · ·  · · · ·  · · · ·  · ·  · ·  · · ·  · · · ·  · · ·  · · · ·  · · · ·  · ·  · ·  · · ·  · · · ·  · · ·  · · · ·  · · · ·  · ·  · ·  · · ·  · · · ·  · · ·  · · · ·  · · · ·  · ·  · ·  · · ·  · · · ·  · · ·  · · · ·  · · · ·  · ·  · ·  · · ·  · · · ·  · · ·  · · · ·  · · · ·  · ·  · ·  · · ·  · · · ·  · · ·  · · · ·  · · · ·  · ·  · ·  · · ·  · · · ·  · · ·  · · · ·  · · · ·  · ·  · ·  · · ·  · · · ·  · · ·  · · · ·  · · · ·  · ·  · ·  · · ·  · · · ·  · · ·  · · · ·  · · · ·  · ·  · ·  · · ·  · · · ·  · · ·  · · · ·  · · · ·  · ·  · ·  · · ·  · · · ·  · · ·  · · · ·  · · · ·  · ·  · ·  · · ·  · · · ·  · · ·  · · · ·  · · · ·  · ·  · ·  · · ·  · · · ·  · · ·  · · · ·  · · · ·  · ·  · ·  · · ·  · · · ·  · · ·  
ACCIDENTS AND FATALITIES
A CARRIER KILLED.

A carrier named Arthur Burrell King, a married man, was killed to-day while taking a load of goods to a loaded hearse. He was sitting on the load, and the rocked struck the pole of the tram-wheel, and he fell.

 · ·  · · ·  · · · ·  · · ·  · · · ·  · · · ·  · ·  · ·  · · ·  · · · ·  · · ·  · · · ·  · · · ·  · ·  · ·  · · ·  · · · ·  · · ·  · · · ·  · · · ·  · ·  · ·  · · ·  · · · ·  · · ·  · · · ·  · · · ·  · ·  · ·  · · ·  · · · ·  · · ·  · · · ·  · · · ·  · ·  · ·  · · ·  · · · ·  · · ·  · · · ·  · · · ·  · ·  · ·  · · ·  · · · ·  · · ·  · · · ·  · · · ·  · ·  · ·  · · ·  · · · ·  · · ·  · · · ·  · · · ·  · ·  · ·  · · ·  · · · ·  · · ·  · · · ·  · · · ·  · ·  · ·  · · ·  · · · ·  · · ·  · · · ·  · · · ·  · ·  · ·  · · ·  · · · ·  · · ·  · · · ·  · · · ·  · ·  · ·  · · ·  · · · ·  · · ·  · · · ·  ·
